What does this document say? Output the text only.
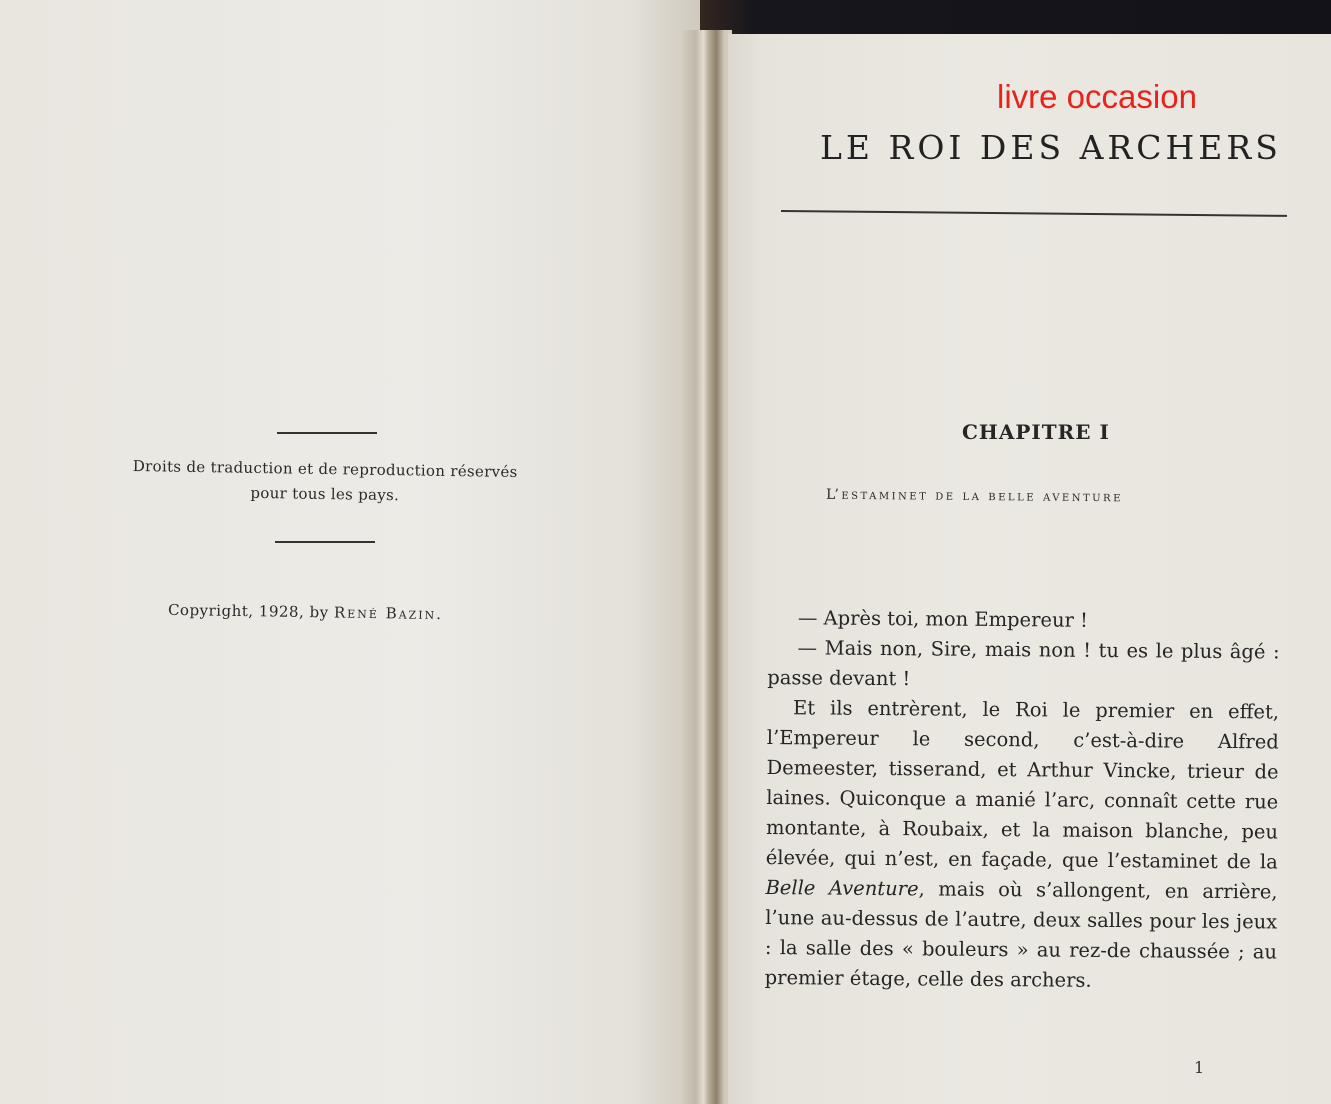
Droits de traduction et de reproduction réservés
pour tous les pays.
Copyright, 1928, by René Bazin.
livre occasion
LE ROI DES ARCHERS
CHAPITRE I
L’estaminet de la belle aventure

— Après toi, mon Empereur !

— Mais non, Sire, mais non ! tu es le plus âgé : passe devant !

Et ils entrèrent, le Roi le premier en effet, l’Empereur le second, c’est-à-dire Alfred Demeester, tisserand, et Arthur Vincke, trieur de laines. Quiconque a manié l’arc, connaît cette rue montante, à Roubaix, et la maison blanche, peu élevée, qui n’est, en façade, que l’estaminet de la Belle Aventure, mais où s’allongent, en arrière, l’une au-dessus de l’autre, deux salles pour les jeux : la salle des « bouleurs » au rez-de chaussée ; au premier étage, celle des archers.

1
